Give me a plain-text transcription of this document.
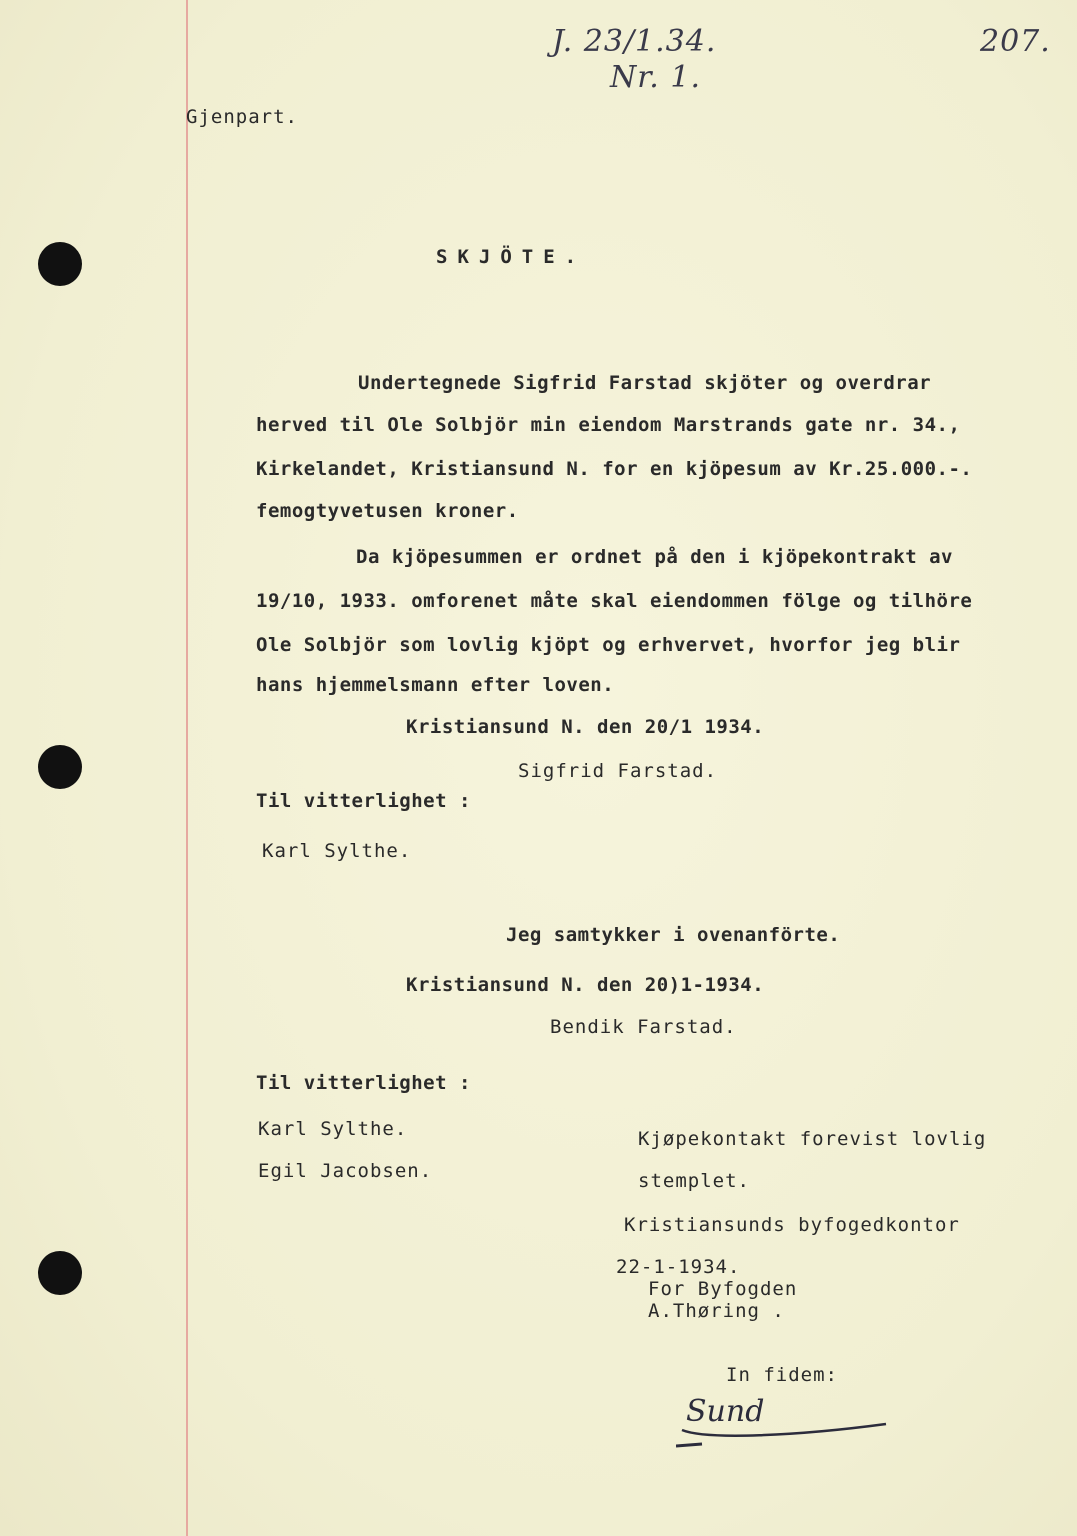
J. 23/1.34.
Nr. 1.
207.
Gjenpart.
SKJÖTE.
Undertegnede Sigfrid Farstad skjöter og overdrar
herved til Ole Solbjör min eiendom Marstrands gate nr. 34.,
Kirkelandet, Kristiansund N. for en kjöpesum av Kr.25.000.-.
femogtyvetusen kroner.
Da kjöpesummen er ordnet på den i kjöpekontrakt av
19/10, 1933. omforenet måte skal eiendommen fölge og tilhöre
Ole Solbjör som lovlig kjöpt og erhvervet, hvorfor jeg blir
hans hjemmelsmann efter loven.
Kristiansund N. den 20/1 1934.
Sigfrid Farstad.
Til vitterlighet :
Karl Sylthe.
Jeg samtykker i ovenanförte.
Kristiansund N. den 20)1-1934.
Bendik Farstad.
Til vitterlighet :
Karl Sylthe.
Egil Jacobsen.
Kjøpekontakt forevist lovlig
stemplet.
Kristiansunds byfogedkontor
22-1-1934.
For Byfogden
A.Thøring .
In fidem:
Sund
